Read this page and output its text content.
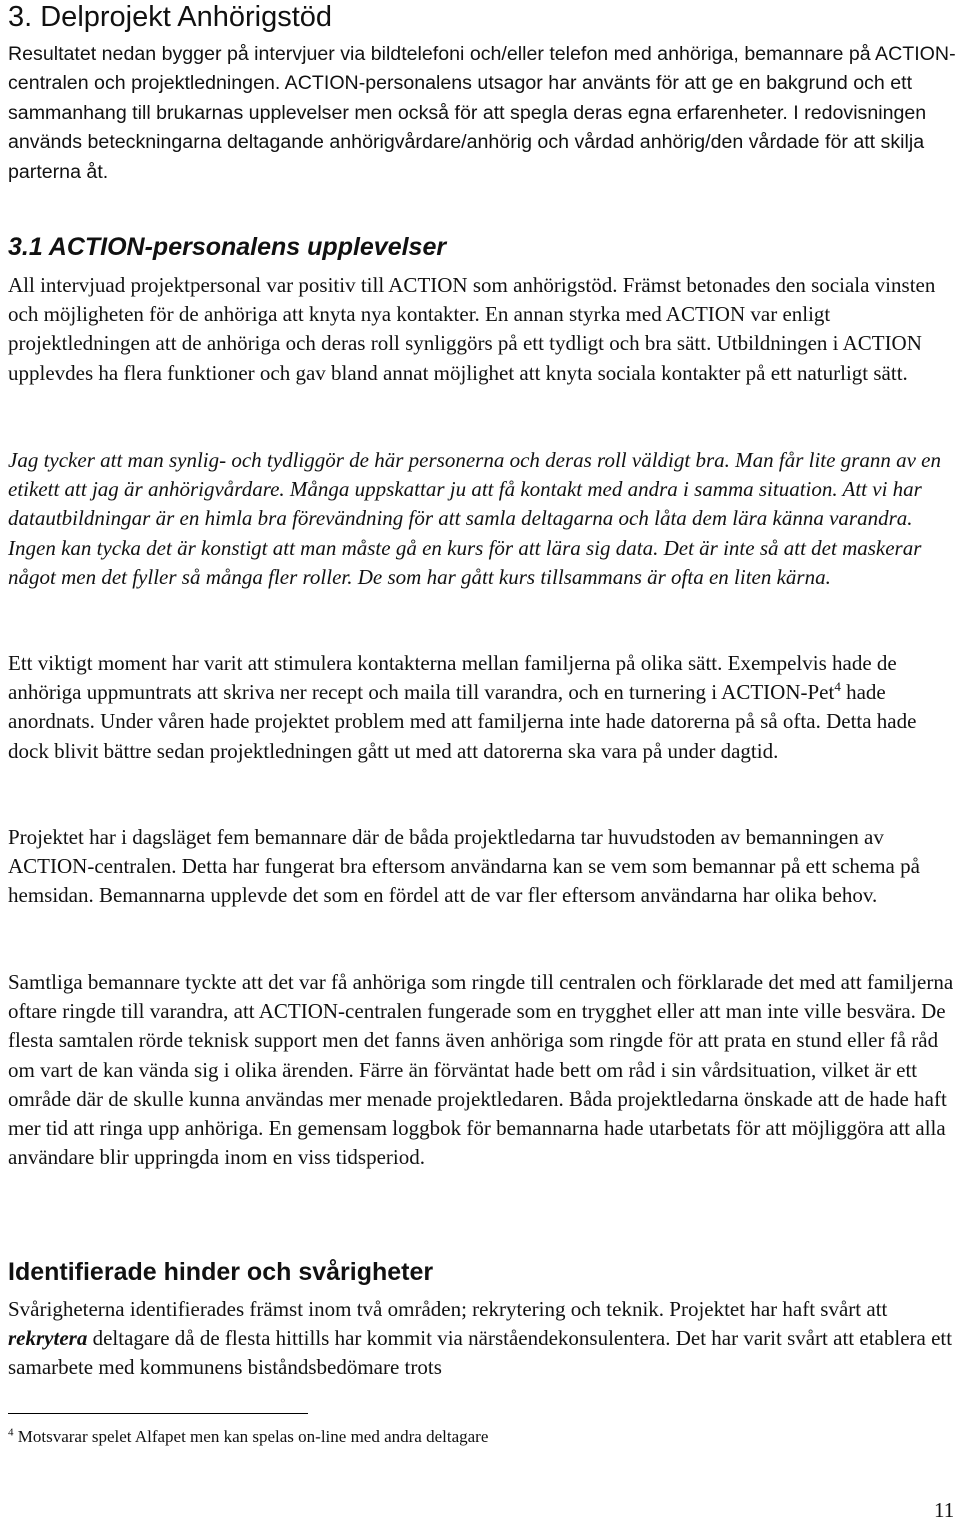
3. Delprojekt Anhörigstöd

Resultatet nedan bygger på intervjuer via bildtelefoni och/eller telefon med anhöriga, bemannare på ACTION-centralen och projektledningen. ACTION-personalens utsagor har använts för att ge en bakgrund och ett sammanhang till brukarnas upplevelser men också för att spegla deras egna erfarenheter. I redovisningen används beteckningarna deltagande anhörigvårdare/anhörig och vårdad anhörig/den vårdade för att skilja parterna åt.

3.1 ACTION-personalens upplevelser

All intervjuad projektpersonal var positiv till ACTION som anhörigstöd. Främst betonades den sociala vinsten och möjligheten för de anhöriga att knyta nya kontakter. En annan styrka med ACTION var enligt projektledningen att de anhöriga och deras roll synliggörs på ett tydligt och bra sätt. Utbildningen i ACTION upplevdes ha flera funktioner och gav bland annat möjlighet att knyta sociala kontakter på ett naturligt sätt.

Jag tycker att man synlig- och tydliggör de här personerna och deras roll väldigt bra. Man får lite grann av en etikett att jag är anhörigvårdare. Många uppskattar ju att få kontakt med andra i samma situation. Att vi har datautbildningar är en himla bra förevändning för att samla deltagarna och låta dem lära känna varandra. Ingen kan tycka det är konstigt att man måste gå en kurs för att lära sig data. Det är inte så att det maskerar något men det fyller så många fler roller. De som har gått kurs tillsammans är ofta en liten kärna.

Ett viktigt moment har varit att stimulera kontakterna mellan familjerna på olika sätt. Exempelvis hade de anhöriga uppmuntrats att skriva ner recept och maila till varandra, och en turnering i ACTION-Pet$^4$ hade anordnats. Under våren hade projektet problem med att familjerna inte hade datorerna på så ofta. Detta hade dock blivit bättre sedan projektledningen gått ut med att datorerna ska vara på under dagtid.

Projektet har i dagsläget fem bemannare där de båda projektledarna tar huvudstoden av bemanningen av ACTION-centralen. Detta har fungerat bra eftersom användarna kan se vem som bemannar på ett schema på hemsidan. Bemannarna upplevde det som en fördel att de var fler eftersom användarna har olika behov.

Samtliga bemannare tyckte att det var få anhöriga som ringde till centralen och förklarade det med att familjerna oftare ringde till varandra, att ACTION-centralen fungerade som en trygghet eller att man inte ville besvära. De flesta samtalen rörde teknisk support men det fanns även anhöriga som ringde för att prata en stund eller få råd om vart de kan vända sig i olika ärenden. Färre än förväntat hade bett om råd i sin vårdsituation, vilket är ett område där de skulle kunna användas mer menade projektledaren. Båda projektledarna önskade att de hade haft mer tid att ringa upp anhöriga. En gemensam loggbok för bemannarna hade utarbetats för att möjliggöra att alla användare blir uppringda inom en viss tidsperiod.

Identifierade hinder och svårigheter

Svårigheterna identifierades främst inom två områden; rekrytering och teknik. Projektet har haft svårt att rekrytera deltagare då de flesta hittills har kommit via närståendekonsulentera. Det har varit svårt att etablera ett samarbete med kommunens biståndsbedömare trots

$^4$ Motsvarar spelet Alfapet men kan spelas on-line med andra deltagare

11
